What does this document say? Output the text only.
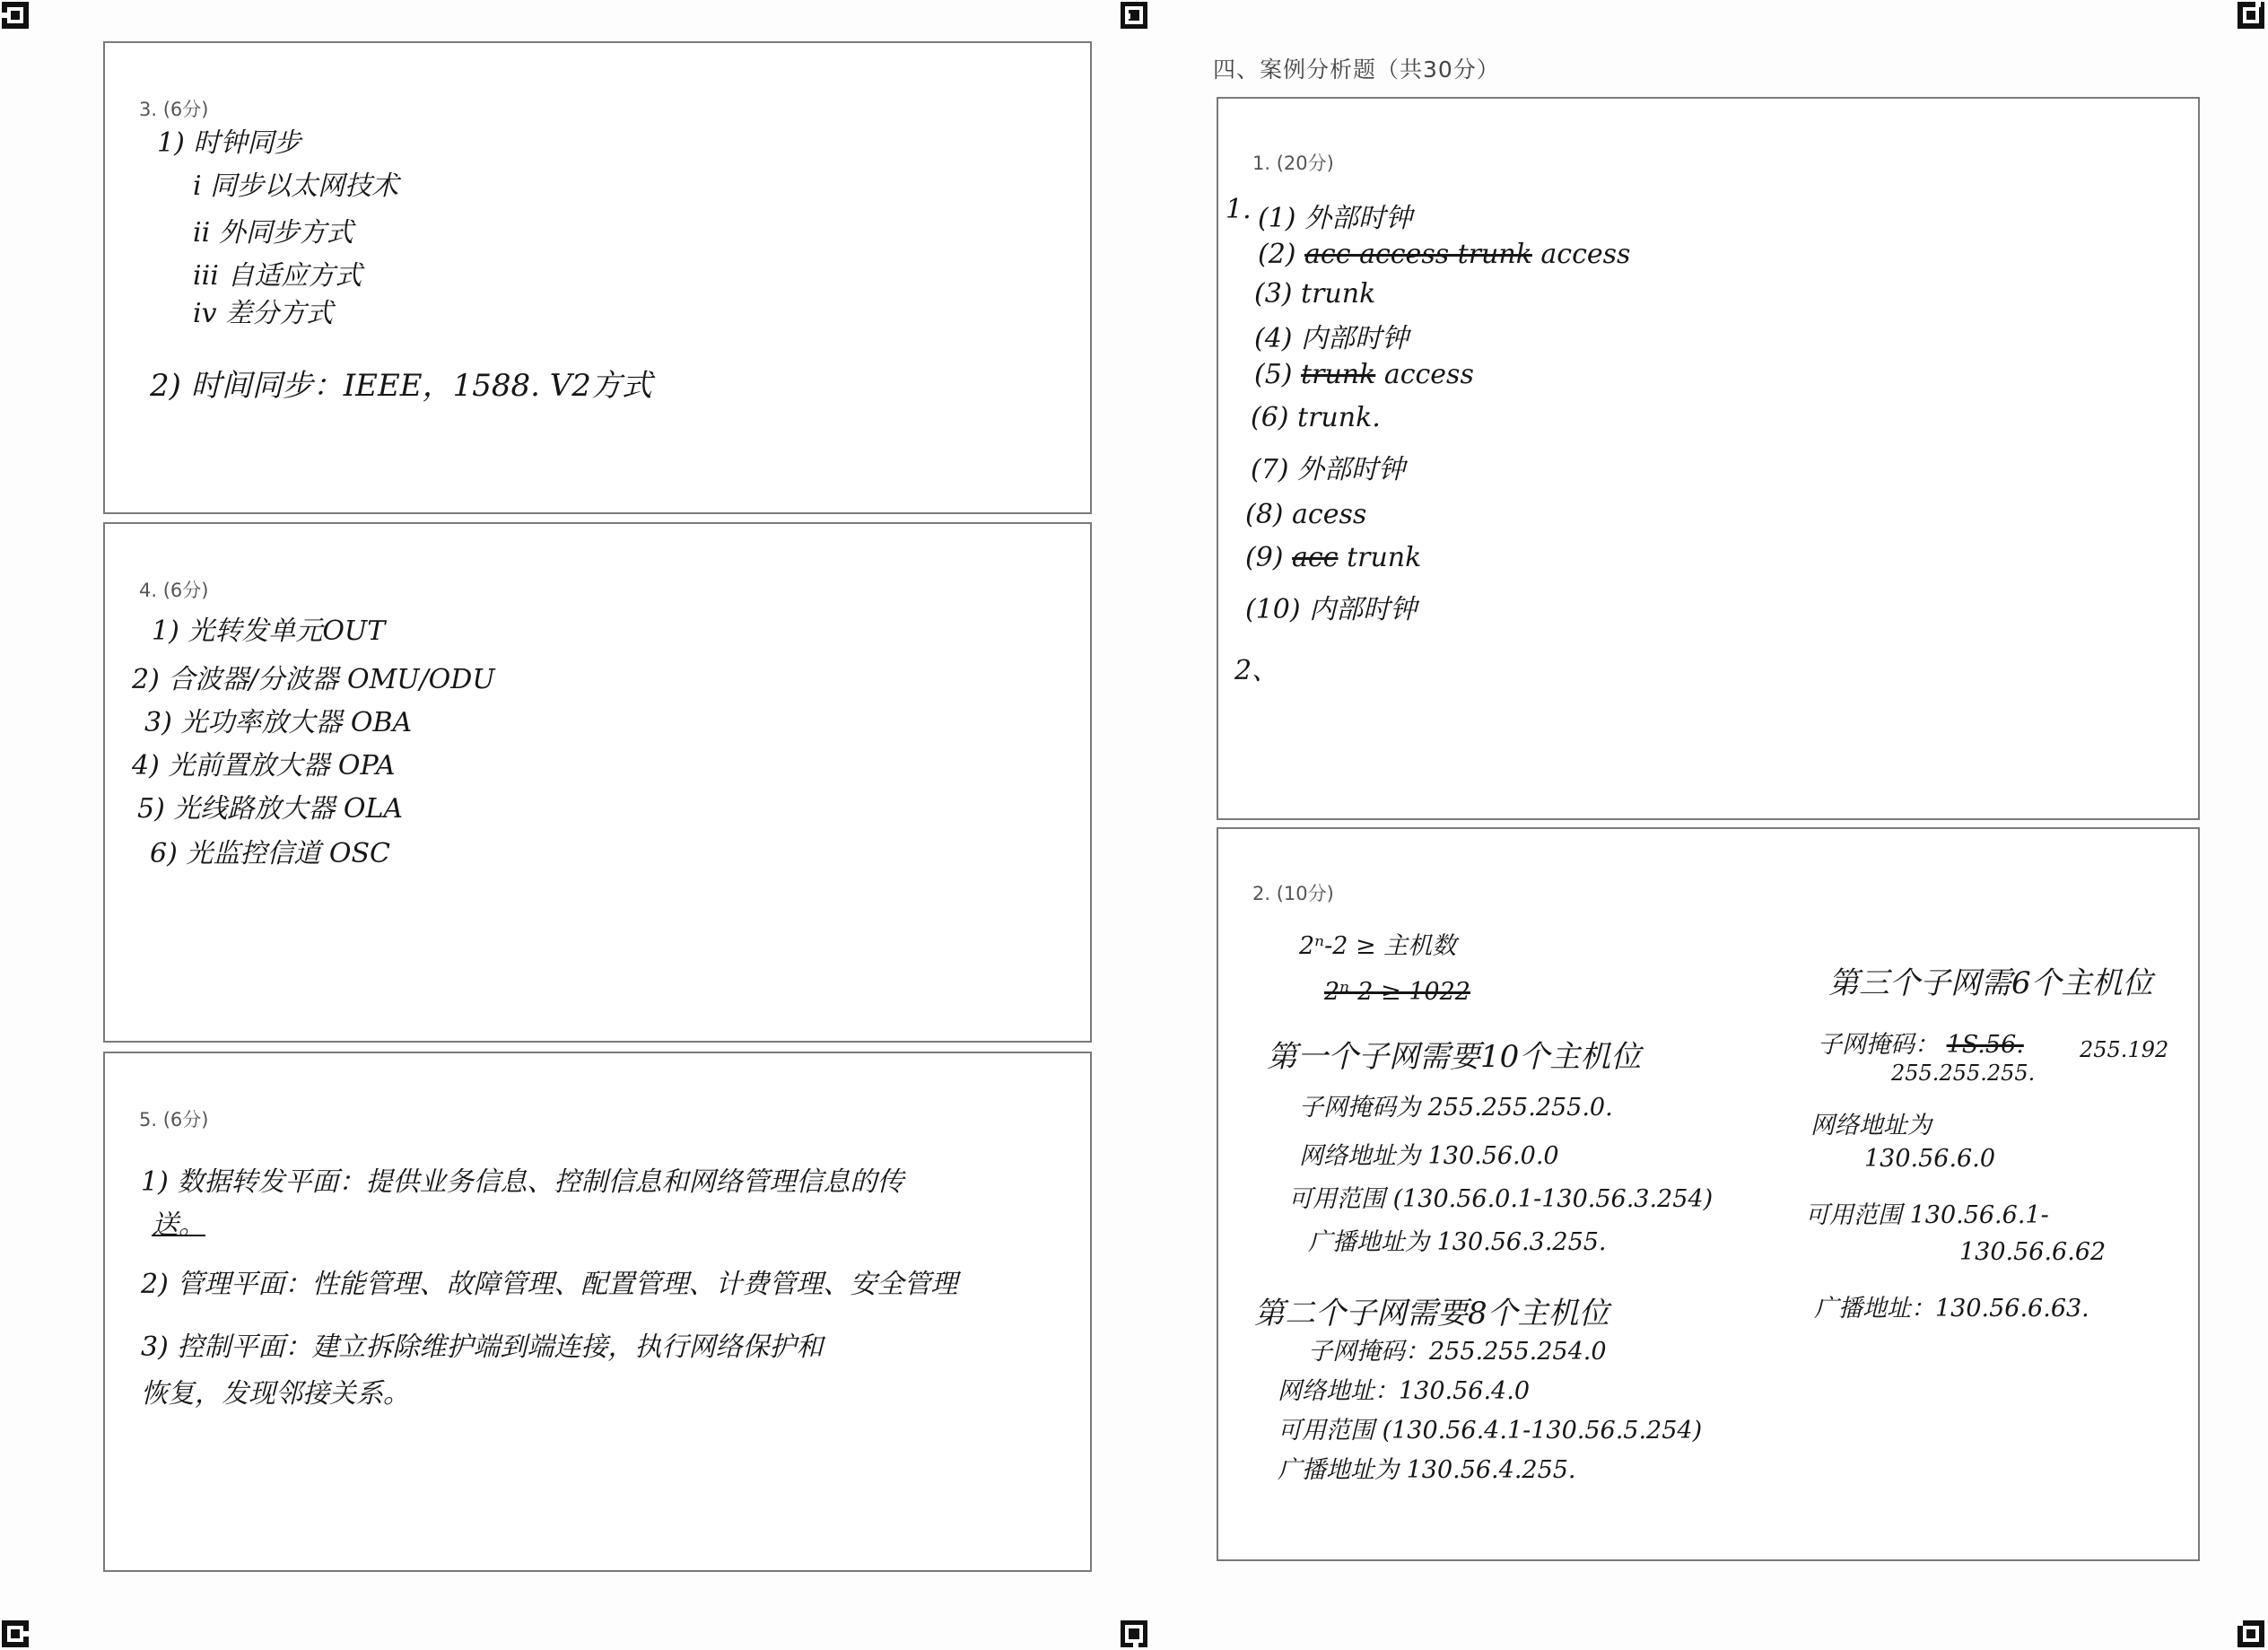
四、案例分析题（共30分）
3. (6分)
1) 时钟同步
i 同步以太网技术
ii 外同步方式
iii 自适应方式
iv 差分方式
2) 时间同步：IEEE，1588. V2方式
4. (6分)
1) 光转发单元OUT
2) 合波器/分波器 OMU/ODU
3) 光功率放大器 OBA
4) 光前置放大器 OPA
5) 光线路放大器 OLA
6) 光监控信道 OSC
5. (6分)
1) 数据转发平面：提供业务信息、控制信息和网络管理信息的传
送。
2) 管理平面：性能管理、故障管理、配置管理、计费管理、安全管理
3) 控制平面：建立拆除维护端到端连接，执行网络保护和
恢复，发现邻接关系。
1. (20分)
1. (1) 外部时钟
(2) acc access trunk access
(3) trunk
(4) 内部时钟
(5) trunk access
(6) trunk.
(7) 外部时钟
(8) acess
(9) acc trunk
(10) 内部时钟
2、
2. (10分)
2ⁿ-2 ≥ 主机数
2ⁿ-2 ≥ 1022
第一个子网需要10个主机位
子网掩码为 255.255.255.0.
网络地址为 130.56.0.0
可用范围 (130.56.0.1-130.56.3.254)
广播地址为 130.56.3.255.
第二个子网需要8个主机位
子网掩码：255.255.254.0
网络地址：130.56.4.0
可用范围 (130.56.4.1-130.56.5.254)
广播地址为 130.56.4.255.
第三个子网需6个主机位
子网掩码： 1S.56.	255.192
255.255.255.
网络地址为
130.56.6.0
可用范围 130.56.6.1-
130.56.6.62
广播地址：130.56.6.63.
